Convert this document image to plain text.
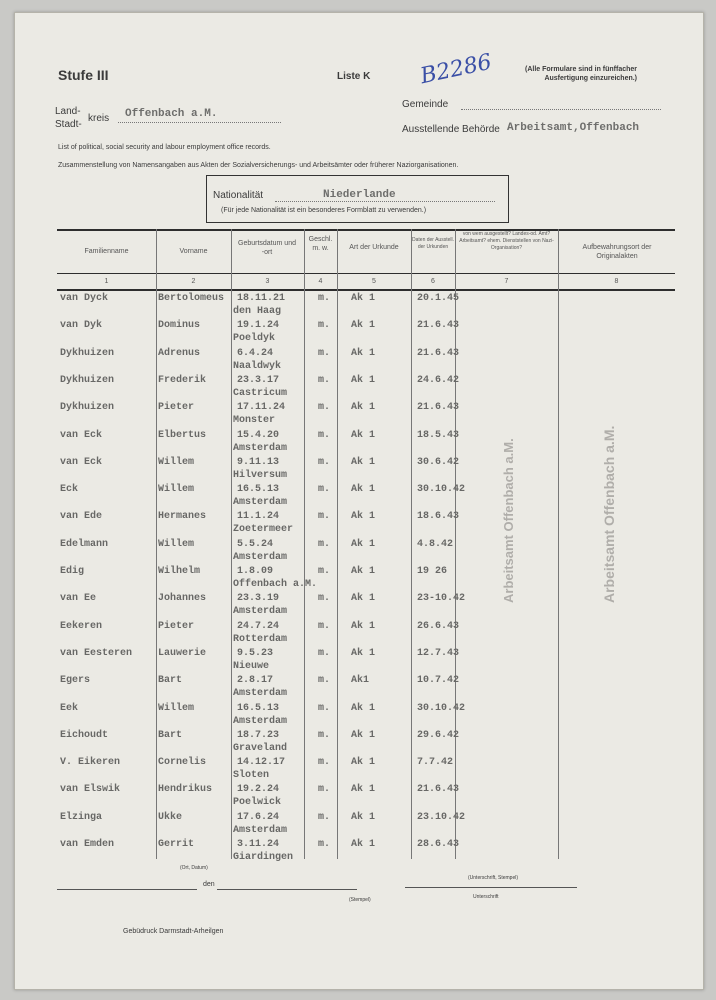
Stufe III	Liste K B2286	(Alle Formulare sind in fünffacher
Ausfertigung einzureichen.)
Land-
Stadt-
kreis Offenbach a.M.
Gemeinde
Ausstellende Behörde Arbeitsamt,Offenbach
List of political, social security and labour employment office records.
Zusammenstellung von Namensangaben aus Akten der Sozialversicherungs- und Arbeitsämter oder früherer Naziorganisationen.
Nationalität	Niederlande
(Für jede Nationalität ist ein besonderes Formblatt zu verwenden.)
Familienname	Vorname
Geburtsdatum und -ort
Geschl. m. w.	Art der Urkunde
Daten der Ausstell. der Urkunden
von wem ausgestellt? Landes-od. Amt? Arbeitsamt? ehem. Dienststellen von Nazi-Organisation?	Aufbewahrungsort der Originalakten
1	2	3	4	5	6	7	8
van Dyck	Bertolomeus 18.11.21	m. Ak 1	20.1.45
den Haag
van Dyk	Dominus	19.1.24	m. Ak 1	21.6.43
Poeldyk
Dykhuizen	Adrenus	6.4.24	m. Ak 1	21.6.43
Naaldwyk
Dykhuizen	Frederik	23.3.17	m. Ak 1	24.6.42
Castricum
Dykhuizen	Pieter	17.11.24	m. Ak 1	21.6.43
Monster
van Eck	Elbertus	15.4.20	m. Ak 1	18.5.43
Amsterdam
van Eck	Willem	9.11.13	m. Ak 1	30.6.42
Hilversum
Eck	Willem	16.5.13	m. Ak 1	30.10.42
Amsterdam
van Ede	Hermanes	11.1.24	m. Ak 1	18.6.43
Zoetermeer
Edelmann	Willem	5.5.24	m. Ak 1	4.8.42
Amsterdam
Edig	Wilhelm	1.8.09	m. Ak 1	19 26
Offenbach a.M.
van Ee	Johannes	23.3.19	m. Ak 1	23-10.42
Amsterdam
Eekeren	Pieter	24.7.24	m. Ak 1	26.6.43
Rotterdam
van Eesteren	Lauwerie	9.5.23	m. Ak 1	12.7.43
Nieuwe
Egers	Bart	2.8.17	m. Ak1	10.7.42
Amsterdam
Eek	Willem	16.5.13	m. Ak 1	30.10.42
Amsterdam
Eichoudt	Bart	18.7.23	m. Ak 1	29.6.42
Graveland
V. Eikeren	Cornelis	14.12.17	m. Ak 1	7.7.42
Sloten
van Elswik	Hendrikus 19.2.24	m. Ak 1	21.6.43
Poelwick
Elzinga	Ukke	17.6.24	m. Ak 1	23.10.42
Amsterdam
van Emden	Gerrit	3.11.24	m. Ak 1	28.6.43
Giardingen
Arbeitsamt Offenbach a.M.	Arbeitsamt Offenbach a.M.
(Ort, Datum)
(Unterschrift, Stempel)
den
(Stempel)	Unterschrift
Gebüdruck Darmstadt-Arheilgen
